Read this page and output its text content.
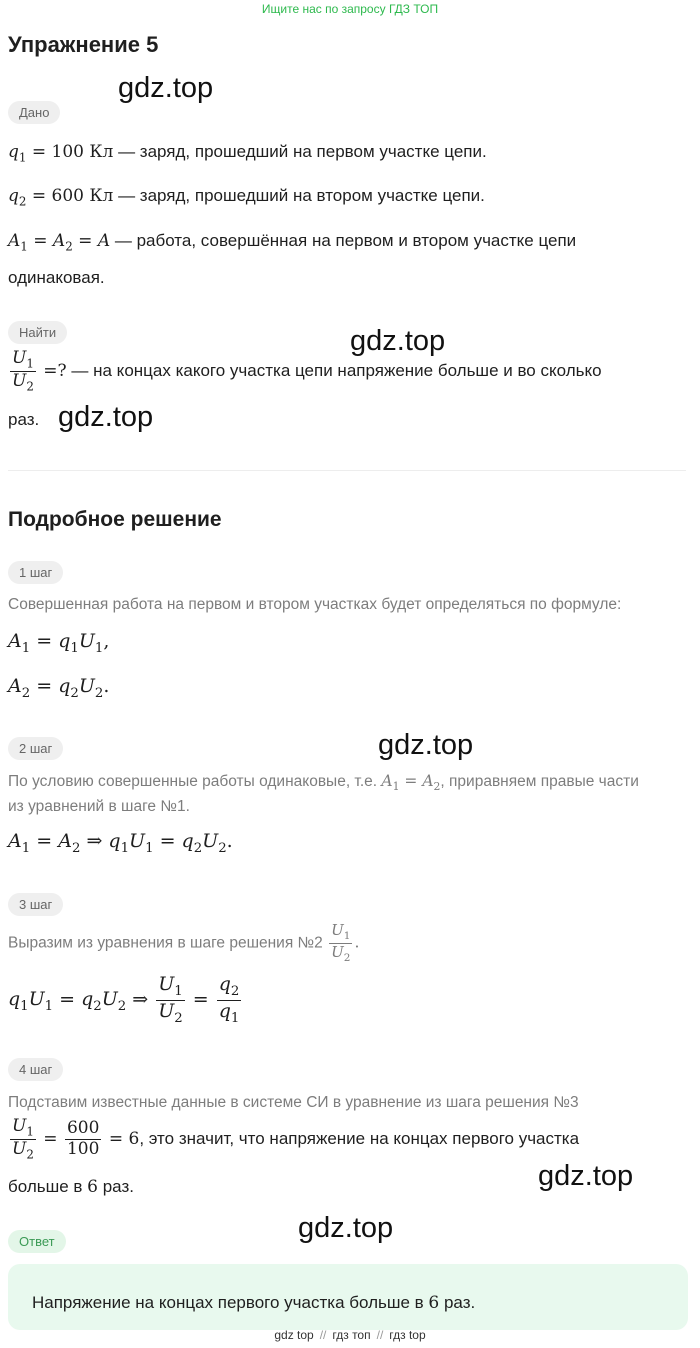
Ищите нас по запросу ГДЗ ТОП
Упражнение 5
gdz.top
gdz.top
gdz.top
gdz.top
gdz.top
gdz.top
Дано
$q_1 = 100$ Кл — заряд, прошедший на первом участке цепи.
$q_2 = 600$ Кл — заряд, прошедший на втором участке цепи.
$A_1 = A_2 = A$ — работа, совершённая на первом и втором участке цепи
одинаковая.
Найти
$\frac{U_1}{U_2}$ =? — на концах какого участка цепи напряжение больше и во сколько
раз.
Подробное решение
1 шаг
Совершенная работа на первом и втором участках будет определяться по формуле:
$A_1 = q_1U_1$,
$A_2 = q_2U_2$.
2 шаг
По условию совершенные работы одинаковые, т.е. $A_1 = A_2$, приравняем правые части
из уравнений в шаге №1.
$A_1 = A_2$ ⇒ $q_1U_1 = q_2U_2$.
3 шаг
Выразим из уравнения в шаге решения №2 $\frac{U_1}{U_2}$ .
$q_1U_1 = q_2U_2$ ⇒ $\frac{U_1}{U_2} = \frac{q_2}{q_1}$
4 шаг
Подставим известные данные в системе СИ в уравнение из шага решения №3
$\frac{U_1}{U_2} = \frac{600}{100} = 6$, это значит, что напряжение на концах первого участка
больше в 6 раз.
Ответ
Напряжение на концах первого участка больше в 6 раз.
gdz top // гдз топ // гдз top
